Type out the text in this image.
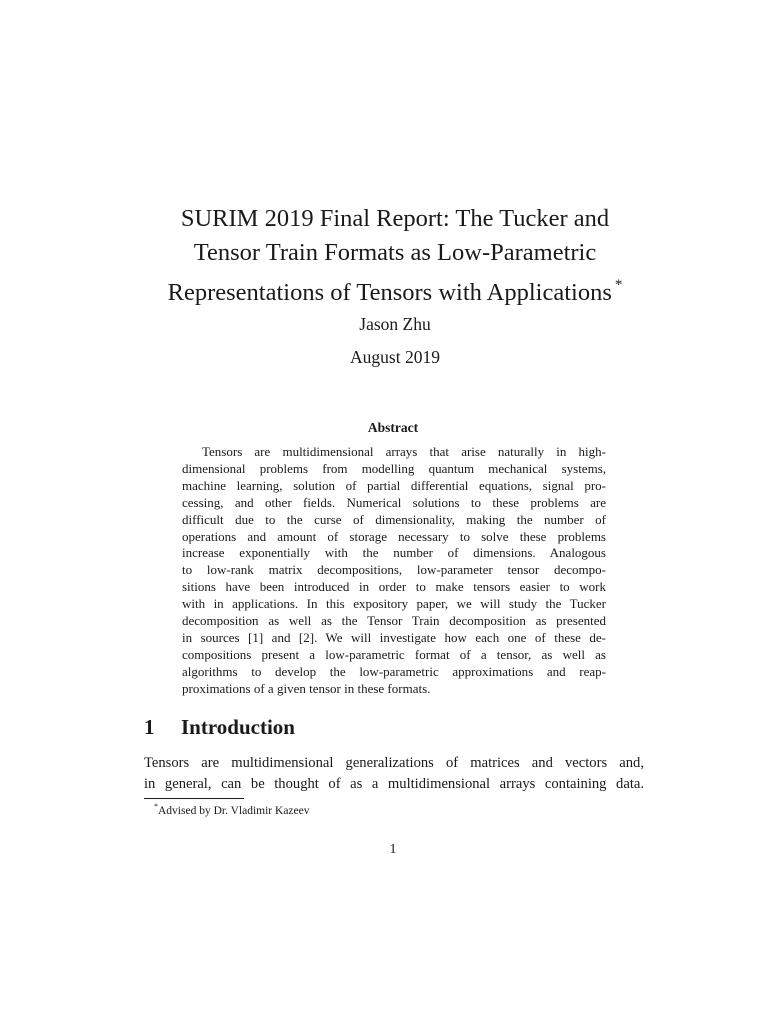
SURIM 2019 Final Report: The Tucker and
Tensor Train Formats as Low-Parametric
Representations of Tensors with Applications *
Jason Zhu
August 2019
Abstract
Tensors are multidimensional arrays that arise naturally in high-
dimensional problems from modelling quantum mechanical systems,
machine learning, solution of partial differential equations, signal pro-
cessing, and other fields. Numerical solutions to these problems are
difficult due to the curse of dimensionality, making the number of
operations and amount of storage necessary to solve these problems
increase exponentially with the number of dimensions. Analogous
to low-rank matrix decompositions, low-parameter tensor decompo-
sitions have been introduced in order to make tensors easier to work
with in applications. In this expository paper, we will study the Tucker
decomposition as well as the Tensor Train decomposition as presented
in sources [1] and [2]. We will investigate how each one of these de-
compositions present a low-parametric format of a tensor, as well as
algorithms to develop the low-parametric approximations and reap-
proximations of a given tensor in these formats.
1 Introduction
Tensors are multidimensional generalizations of matrices and vectors and,
in general, can be thought of as a multidimensional arrays containing data.
*Advised by Dr. Vladimir Kazeev
1
